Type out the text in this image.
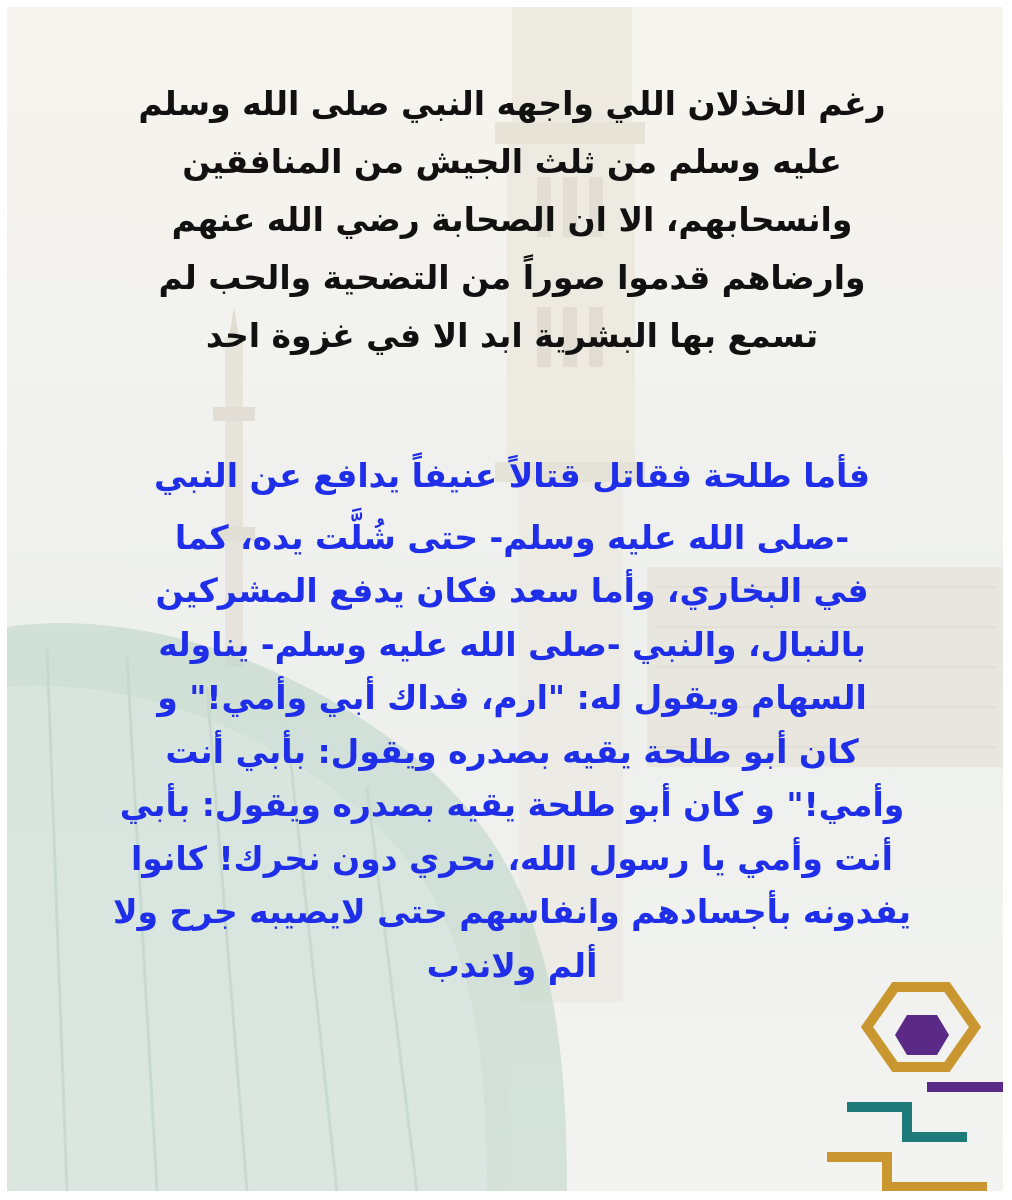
رغم الخذلان اللي واجهه النبي صلى الله وسلم

عليه وسلم من ثلث الجيش من المنافقين

وانسحابهم، الا ان الصحابة رضي الله عنهم

وارضاهم قدموا صوراً من التضحية والحب لم

تسمع بها البشرية ابد الا في غزوة احد

فأما طلحة فقاتل قتالاً عنيفاً يدافع عن النبي

-صلى الله عليه وسلم- حتى شُلَّت يده، كما

في البخاري، وأما سعد فكان يدفع المشركين

بالنبال، والنبي -صلى الله عليه وسلم- يناوله

السهام ويقول له: "ارم، فداك أبي وأمي!" و

كان أبو طلحة يقيه بصدره ويقول: بأبي أنت

وأمي!" و كان أبو طلحة يقيه بصدره ويقول: بأبي

أنت وأمي يا رسول الله، نحري دون نحرك! كانوا

يفدونه بأجسادهم وانفاسهم حتى لايصيبه جرح ولا

ألم ولاندب
